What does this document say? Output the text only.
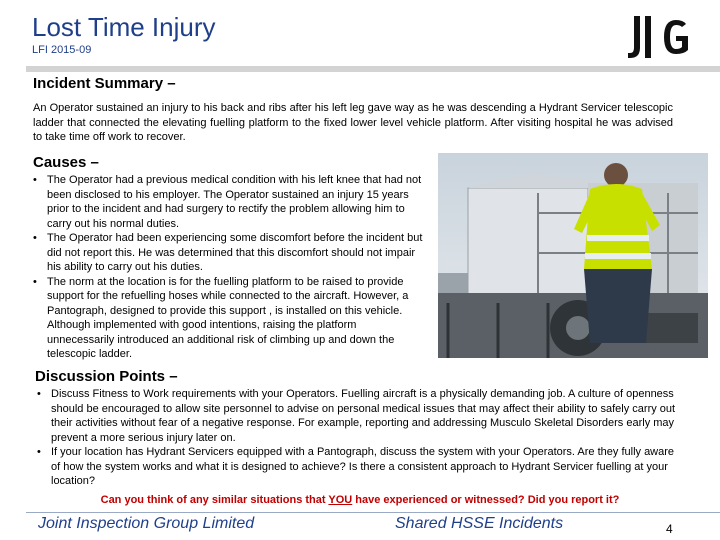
Lost Time Injury
LFI 2015-09
Incident Summary –
An Operator sustained an injury to his back and ribs after his left leg gave way as he was descending a Hydrant Servicer telescopic ladder that connected the elevating fuelling platform to the fixed lower level vehicle platform. After visiting hospital he was advised to take time off work to recover.
Causes –
• The Operator had a previous medical condition with his left knee that had not been disclosed to his employer. The Operator sustained an injury 15 years prior to the incident and had surgery to rectify the problem allowing him to carry out his normal duties.
• The Operator had been experiencing some discomfort before the incident but did not report this. He was determined that this discomfort should not impair his ability to carry out his duties.
• The norm at the location is for the fuelling platform to be raised to provide support for the refuelling hoses while connected to the aircraft. However, a Pantograph, designed to provide this support , is installed on this vehicle. Although implemented with good intentions, raising the platform unnecessarily introduced an additional risk of climbing up and down the telescopic ladder.
Discussion Points –
• Discuss Fitness to Work requirements with your Operators. Fuelling aircraft is a physically demanding job. A culture of openness should be encouraged to allow site personnel to advise on personal medical issues that may affect their ability to safely carry out their activities without fear of a negative response. For example, reporting and addressing Musculo Skeletal Disorders early may prevent a more serious injury later on.
• If your location has Hydrant Servicers equipped with a Pantograph, discuss the system with your Operators. Are they fully aware of how the system works and what it is designed to achieve? Is there a consistent approach to Hydrant Servicer fuelling at your location?
Can you think of any similar situations that YOU have experienced or witnessed? Did you report it?
Joint Inspection Group Limited	Shared HSSE Incidents	4
